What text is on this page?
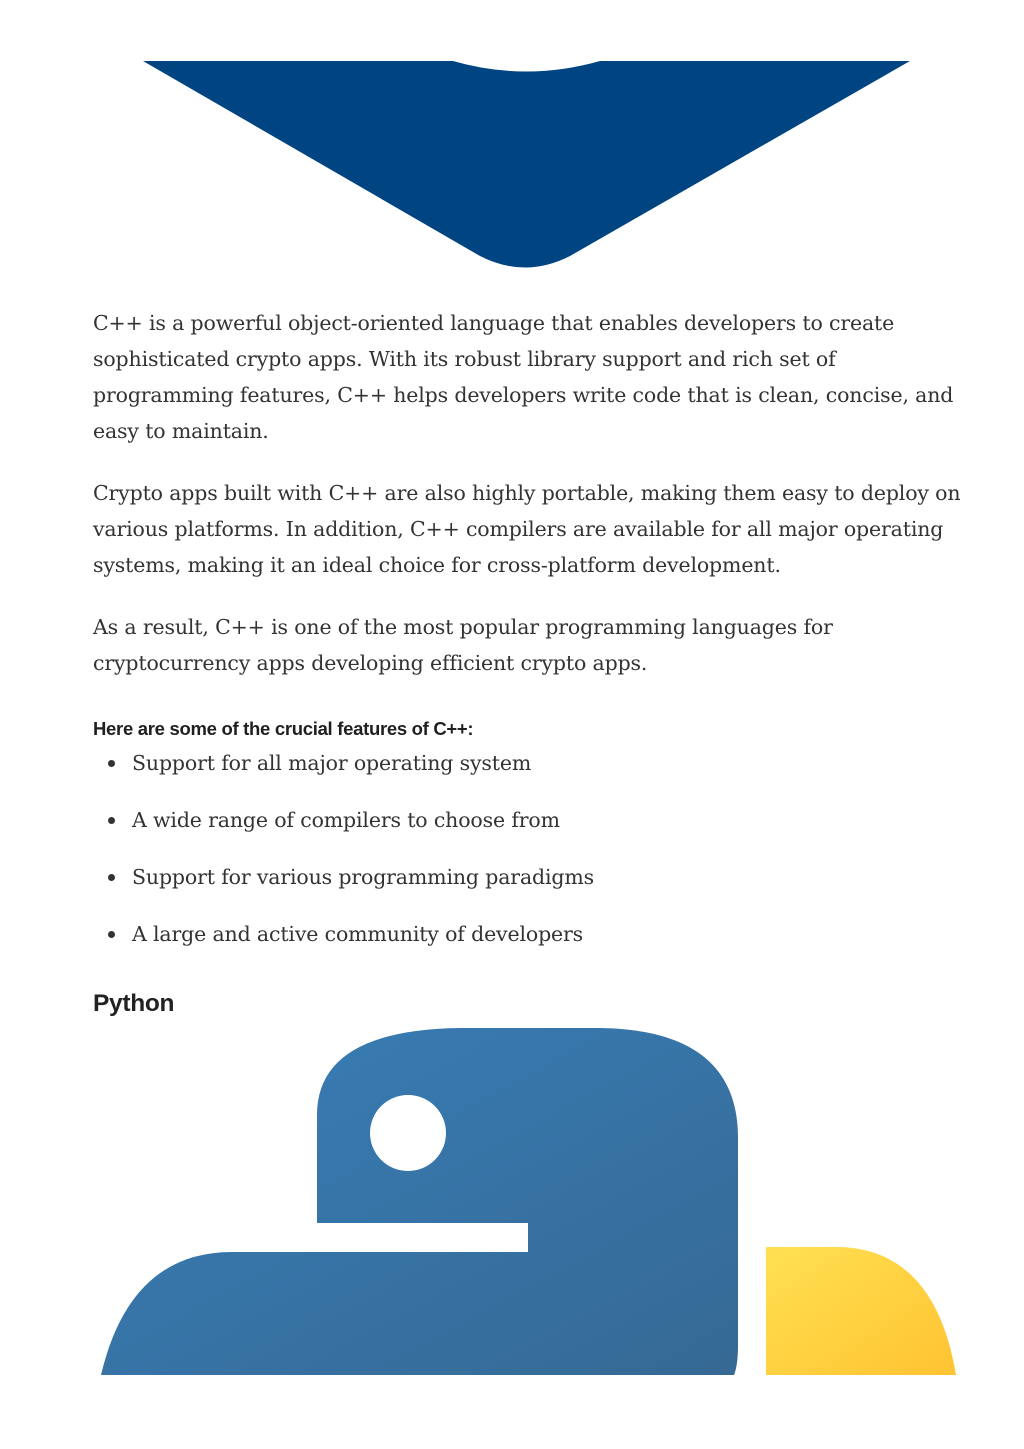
C++ is a powerful object-oriented language that enables developers to create sophisticated crypto apps. With its robust library support and rich set of programming features, C++ helps developers write code that is clean, concise, and easy to maintain.

Crypto apps built with C++ are also highly portable, making them easy to deploy on various platforms. In addition, C++ compilers are available for all major operating systems, making it an ideal choice for cross-platform development.

As a result, C++ is one of the most popular programming languages for cryptocurrency apps developing efficient crypto apps.

Here are some of the crucial features of C++:
Support for all major operating system
A wide range of compilers to choose from
Support for various programming paradigms
A large and active community of developers
Python
